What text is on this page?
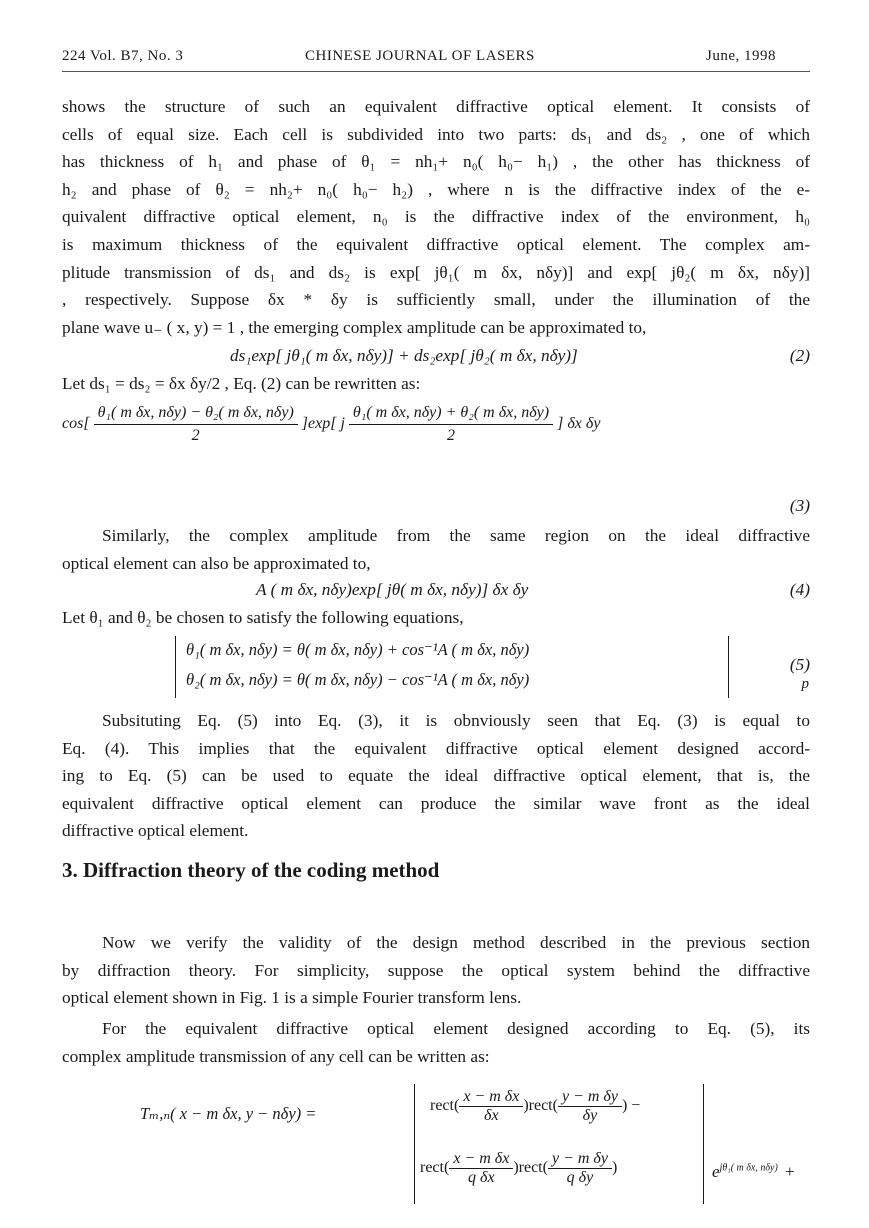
224 Vol. B7, No. 3	CHINESE JOURNAL OF LASERS	June, 1998
shows the structure of such an equivalent diffractive optical element. It consists of
cells of equal size. Each cell is subdivided into two parts: ds₁ and ds₂ , one of which
has thickness of h₁ and phase of θ₁ = nh₁+ n₀( h₀− h₁) , the other has thickness of
h₂ and phase of θ₂ = nh₂+ n₀( h₀− h₂) , where n is the diffractive index of the e-
quivalent diffractive optical element, n₀ is the diffractive index of the environment, h₀
is maximum thickness of the equivalent diffractive optical element. The complex am-
plitude transmission of ds₁ and ds₂ is exp[ jθ₁( m δx, nδy)] and exp[ jθ₂( m δx, nδy)]
, respectively. Suppose δx * δy is sufficiently small, under the illumination of the
plane wave u₋ ( x, y) = 1 , the emerging complex amplitude can be approximated to,
ds₁exp[ jθ₁( m δx, nδy)] + ds₂exp[ jθ₂( m δx, nδy)]	(2)
Let ds₁ = ds₂ = δx δy/2 , Eq. (2) can be rewritten as:
$\cos[ \frac{\text{θ₁( m δx, nδy) − θ₂( m δx, nδy)}}{2} ]\exp$[ j $\frac{\text{θ₁( m δx, nδy) + θ₂( m δx, nδy)}}{2}$ ] δx δy
(3)
Similarly, the complex amplitude from the same region on the ideal diffractive
optical element can also be approximated to,
A ( m δx, nδy)exp[ jθ( m δx, nδy)] δx δy	(4)
Let θ₁ and θ₂ be chosen to satisfy the following equations,
θ₁( m δx, nδy) = θ( m δx, nδy) + cos⁻¹A ( m δx, nδy)
θ₂( m δx, nδy) = θ( m δx, nδy) − cos⁻¹A ( m δx, nδy)
(5)
p
Subsituting Eq. (5) into Eq. (3), it is obnviously seen that Eq. (3) is equal to
Eq. (4). This implies that the equivalent diffractive optical element designed accord-
ing to Eq. (5) can be used to equate the ideal diffractive optical element, that is, the
equivalent diffractive optical element can produce the similar wave front as the ideal
diffractive optical element.
3. Diffraction theory of the coding method
Now we verify the validity of the design method described in the previous section
by diffraction theory. For simplicity, suppose the optical system behind the diffractive
optical element shown in Fig. 1 is a simple Fourier transform lens.
For the equivalent diffractive optical element designed according to Eq. (5), its
complex amplitude transmission of any cell can be written as:
Tₘ,ₙ( x − m δx, y − nδy) =	rect( $\frac{\text{x − m δx}}{\delta x}$ )rect( $\frac{\text{y − m δy}}{\delta y}$ ) −
rect( $\frac{\text{x − m δx}}{\text{q δx}}$ )rect( $\frac{\text{y − m δy}}{\text{q δy}}$ )	$e^{j\theta_1( m \delta x, n\delta y)}$ +
